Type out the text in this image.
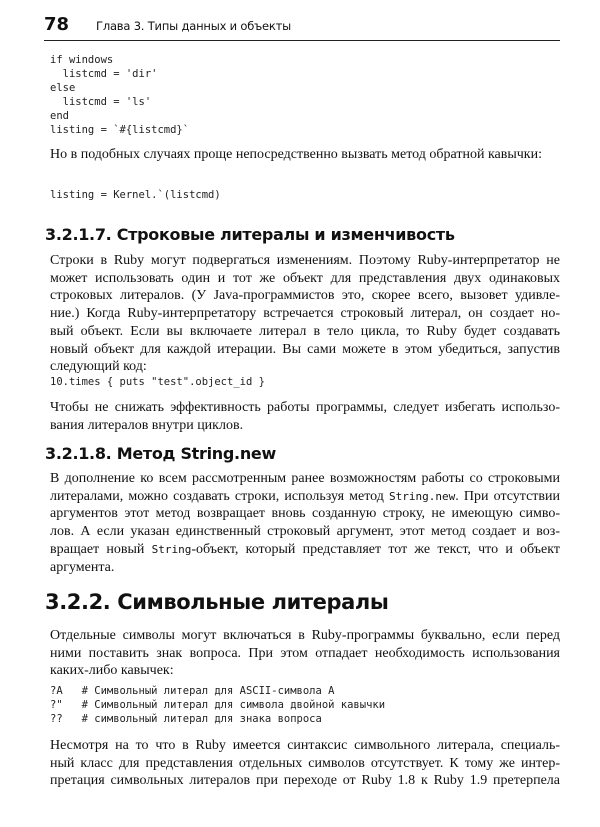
78 Глава 3. Типы данных и объекты
if windows
listcmd = 'dir'
else
listcmd = 'ls'
end
listing = `#{listcmd}`

Но в подобных случаях проще непосредственно вызвать метод обратной кавычки:

listing = Kernel.`(listcmd)
3.2.1.7. Строковые литералы и изменчивость

Строки в Ruby могут подвергаться изменениям. Поэтому Ruby-интерпретатор не
может использовать один и тот же объект для представления двух одинаковых
строковых литералов. (У Java-программистов это, скорее всего, вызовет удивле-
ние.) Когда Ruby-интерпретатору встречается строковый литерал, он создает но-
вый объект. Если вы включаете литерал в тело цикла, то Ruby будет создавать
новый объект для каждой итерации. Вы сами можете в этом убедиться, запустив
следующий код:

10.times { puts "test".object_id }

Чтобы не снижать эффективность работы программы, следует избегать использо-
вания литералов внутри циклов.

3.2.1.8. Метод String.new

В дополнение ко всем рассмотренным ранее возможностям работы со строковыми
литералами, можно создавать строки, используя метод String.new. При отсутствии
аргументов этот метод возвращает вновь созданную строку, не имеющую симво-
лов. А если указан единственный строковый аргумент, этот метод создает и воз-
вращает новый String-объект, который представляет тот же текст, что и объект
аргумента.

3.2.2. Символьные литералы

Отдельные символы могут включаться в Ruby-программы буквально, если перед
ними поставить знак вопроса. При этом отпадает необходимость использования
каких-либо кавычек:

?A   # Символьный литерал для ASCII-символа A
?"   # Символьный литерал для символа двойной кавычки
??   # символьный литерал для знака вопроса

Несмотря на то что в Ruby имеется синтаксис символьного литерала, специаль-
ный класс для представления отдельных символов отсутствует. К тому же интер-
претация символьных литералов при переходе от Ruby 1.8 к Ruby 1.9 претерпела
